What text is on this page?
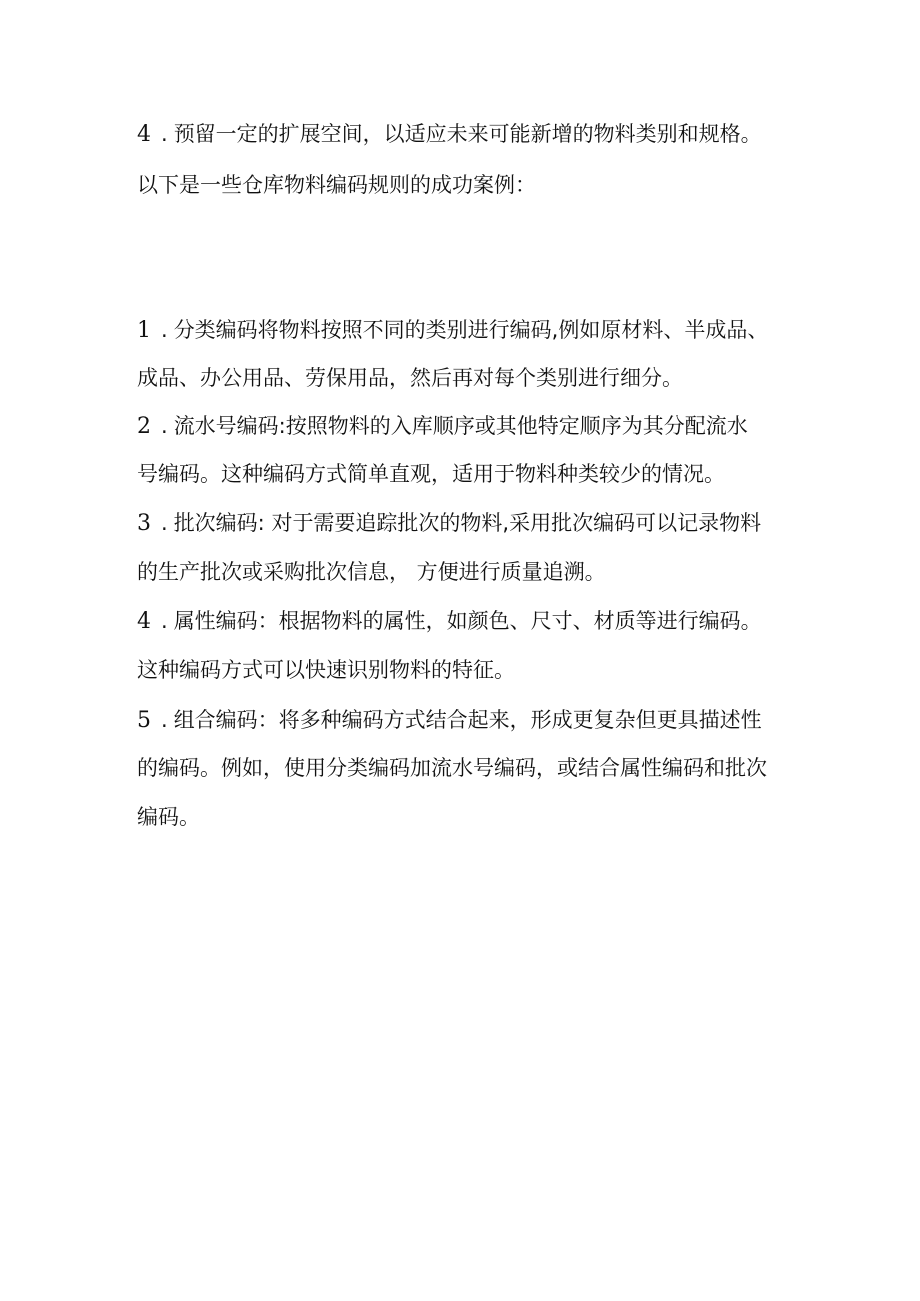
4 . 预留一定的扩展空间，以适应未来可能新增的物料类别和规格。
以下是一些仓库物料编码规则的成功案例：
1 . 分类编码将物料按照不同的类别进行编码,例如原材料、半成品、
成品、办公用品、劳保用品，然后再对每个类别进行细分。
2 . 流水号编码:按照物料的入库顺序或其他特定顺序为其分配流水
号编码。这种编码方式简单直观，适用于物料种类较少的情况。
3 . 批次编码: 对于需要追踪批次的物料,采用批次编码可以记录物料
的生产批次或采购批次信息， 方便进行质量追溯。
4 . 属性编码：根据物料的属性，如颜色、尺寸、材质等进行编码。
这种编码方式可以快速识别物料的特征。
5 . 组合编码：将多种编码方式结合起来，形成更复杂但更具描述性
的编码。例如，使用分类编码加流水号编码，或结合属性编码和批次
编码。
